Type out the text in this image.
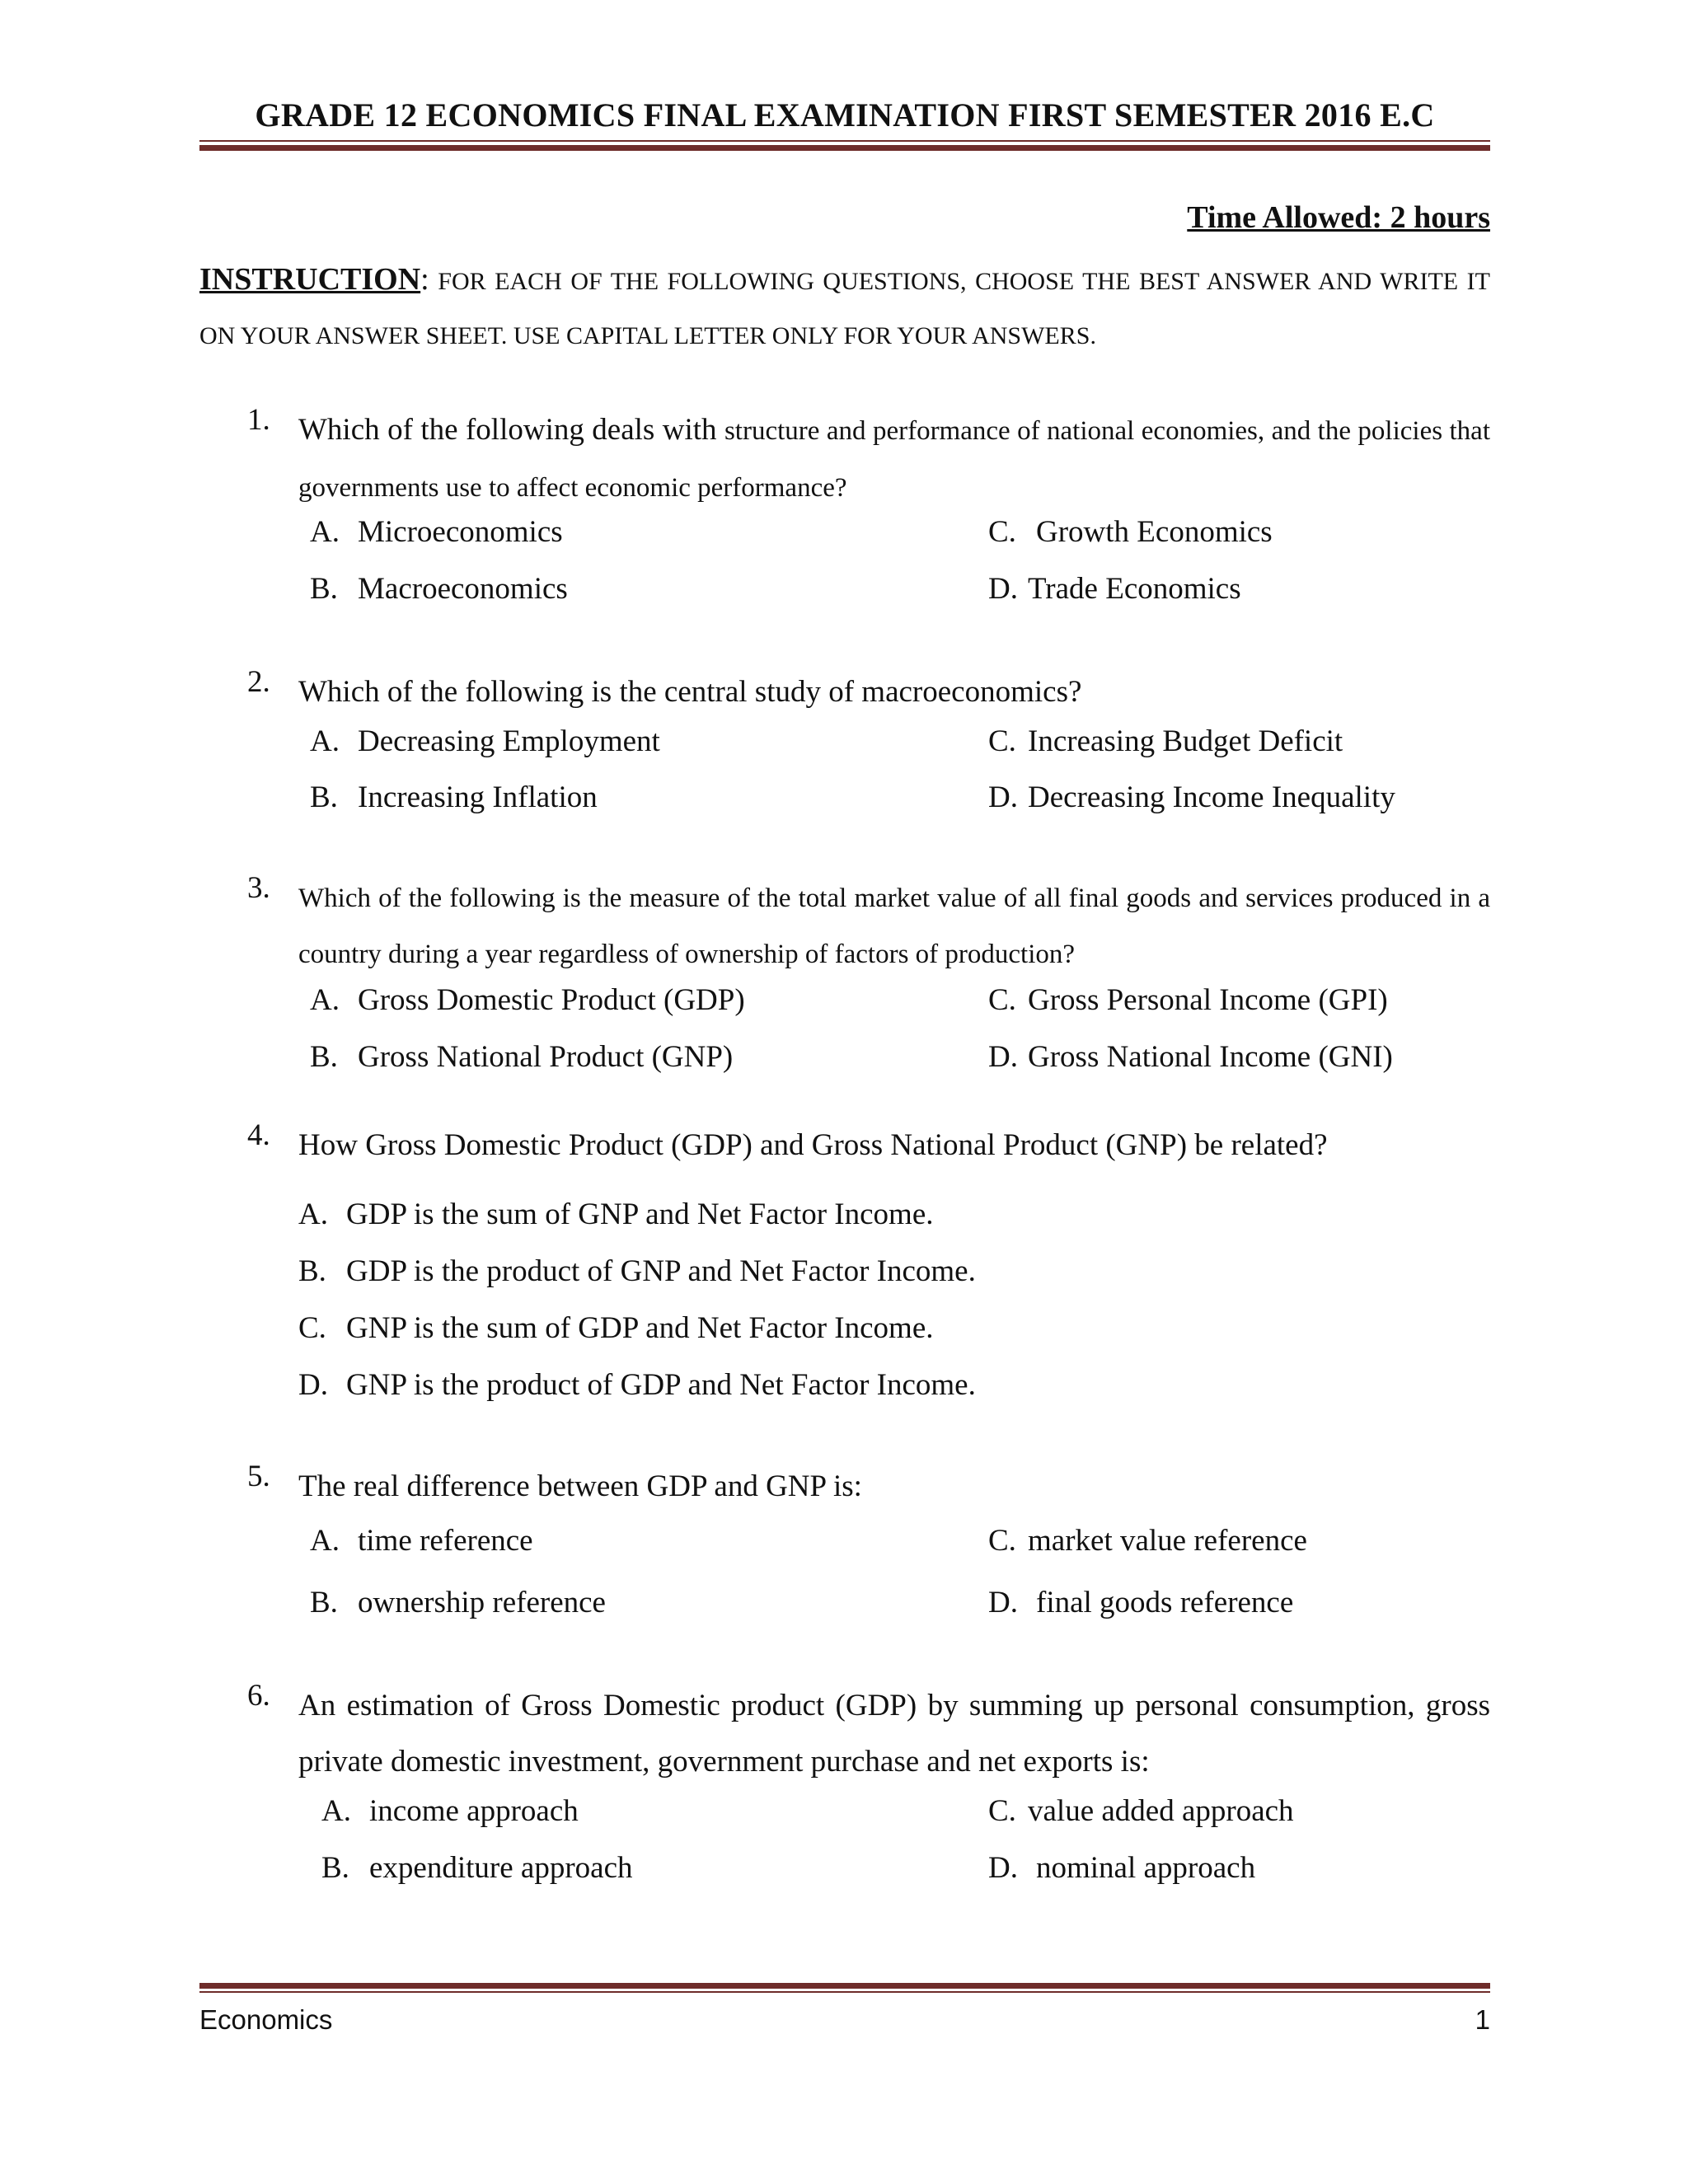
GRADE 12 ECONOMICS FINAL EXAMINATION FIRST SEMESTER 2016 E.C
Time Allowed: 2 hours
INSTRUCTION: FOR EACH OF THE FOLLOWING QUESTIONS, CHOOSE THE BEST ANSWER AND WRITE IT ON YOUR ANSWER SHEET. USE CAPITAL LETTER ONLY FOR YOUR ANSWERS.
1. Which of the following deals with structure and performance of national economies, and the policies that governments use to affect economic performance?
A. Microeconomics
B. Macroeconomics
C. Growth Economics
D. Trade Economics
2. Which of the following is the central study of macroeconomics?
A. Decreasing Employment
B. Increasing Inflation
C. Increasing Budget Deficit
D. Decreasing Income Inequality
3. Which of the following is the measure of the total market value of all final goods and services produced in a country during a year regardless of ownership of factors of production?
A. Gross Domestic Product (GDP)
B. Gross National Product (GNP)
C. Gross Personal Income (GPI)
D. Gross National Income (GNI)
4. How Gross Domestic Product (GDP) and Gross National Product (GNP) be related?
A. GDP is the sum of GNP and Net Factor Income.
B. GDP is the product of GNP and Net Factor Income.
C. GNP is the sum of GDP and Net Factor Income.
D. GNP is the product of GDP and Net Factor Income.
5. The real difference between GDP and GNP is:
A. time reference
B. ownership reference
C. market value reference
D. final goods reference
6. An estimation of Gross Domestic product (GDP) by summing up personal consumption, gross private domestic investment, government purchase and net exports is:
A. income approach
B. expenditure approach
C. value added approach
D. nominal approach
Economics	1
